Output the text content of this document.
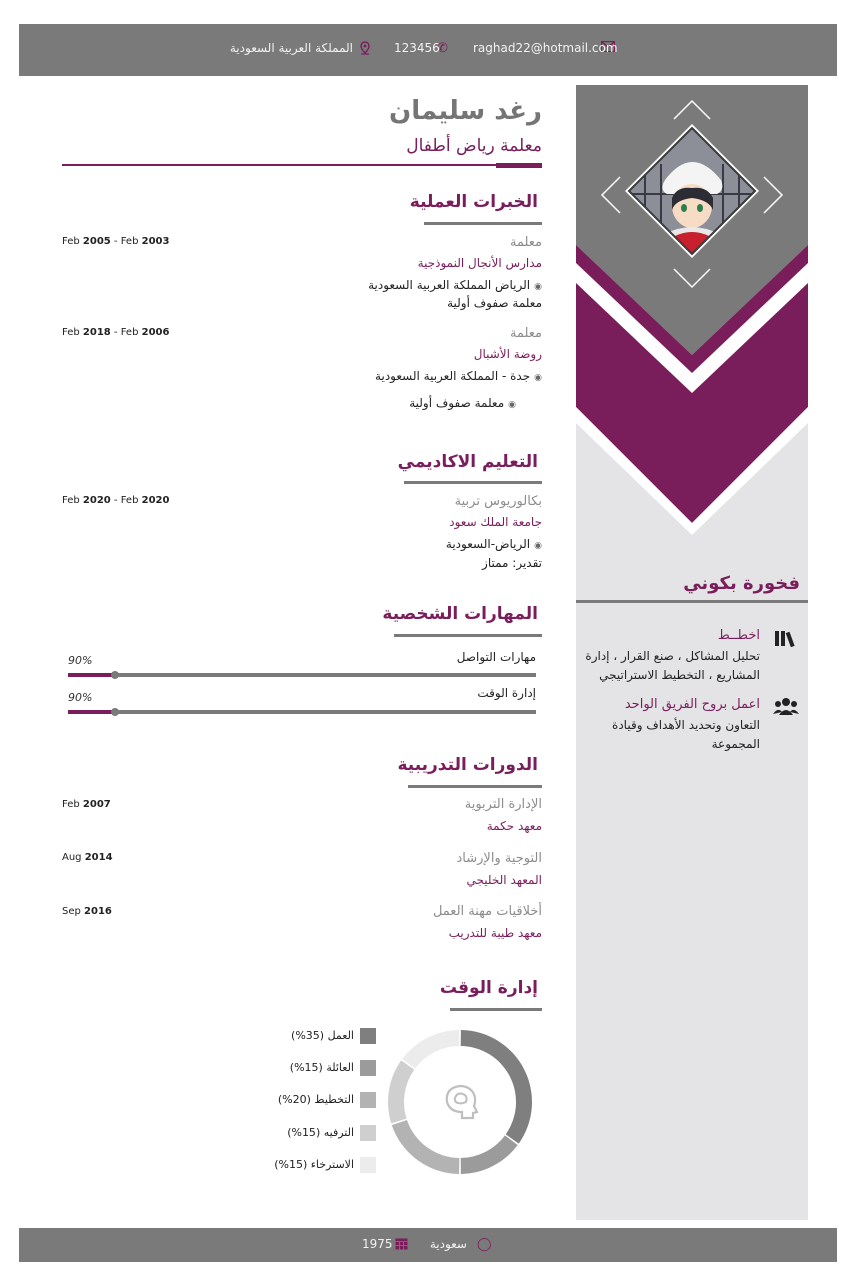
raghad22@hotmail.com
✆
123456
المملكة العربية السعودية
فخورة بكوني
اخطــط
تحليل المشاكل ، صنع القرار ، إدارة المشاريع ، التخطيط الاستراتيجي
اعمل بروح الفريق الواحد
التعاون وتحديد الأهداف وقيادة المجموعة
رغد سليمان
معلمة رياض أطفال
الخبرات العملية
معلمة
مدارس الأنجال النموذجية
◉الرياض المملكة العربية السعودية
معلمة صفوف أولية
Feb 2005 - Feb 2003
معلمة
روضة الأشبال
◉جدة - المملكة العربية السعودية
◉معلمة صفوف أولية
Feb 2018 - Feb 2006
التعليم الاكاديمي
بكالوريوس تربية
جامعة الملك سعود
◉الرياض-السعودية
تقدير: ممتاز
Feb 2020 - Feb 2020
المهارات الشخصية
مهارات التواصل
90%
إدارة الوقت
90%
الدورات التدريبية
الإدارة التربوية
معهد حكمة
Feb 2007
التوجية والإرشاد
المعهد الخليجي
Aug 2014
أخلاقيات مهنة العمل
معهد طيبة للتدريب
Sep 2016
إدارة الوقت
العمل (35%)
العائلة (15%)
التخطيط (20%)
الترفيه (15%)
الاسترخاء (15%)
◯
سعودية
1975
